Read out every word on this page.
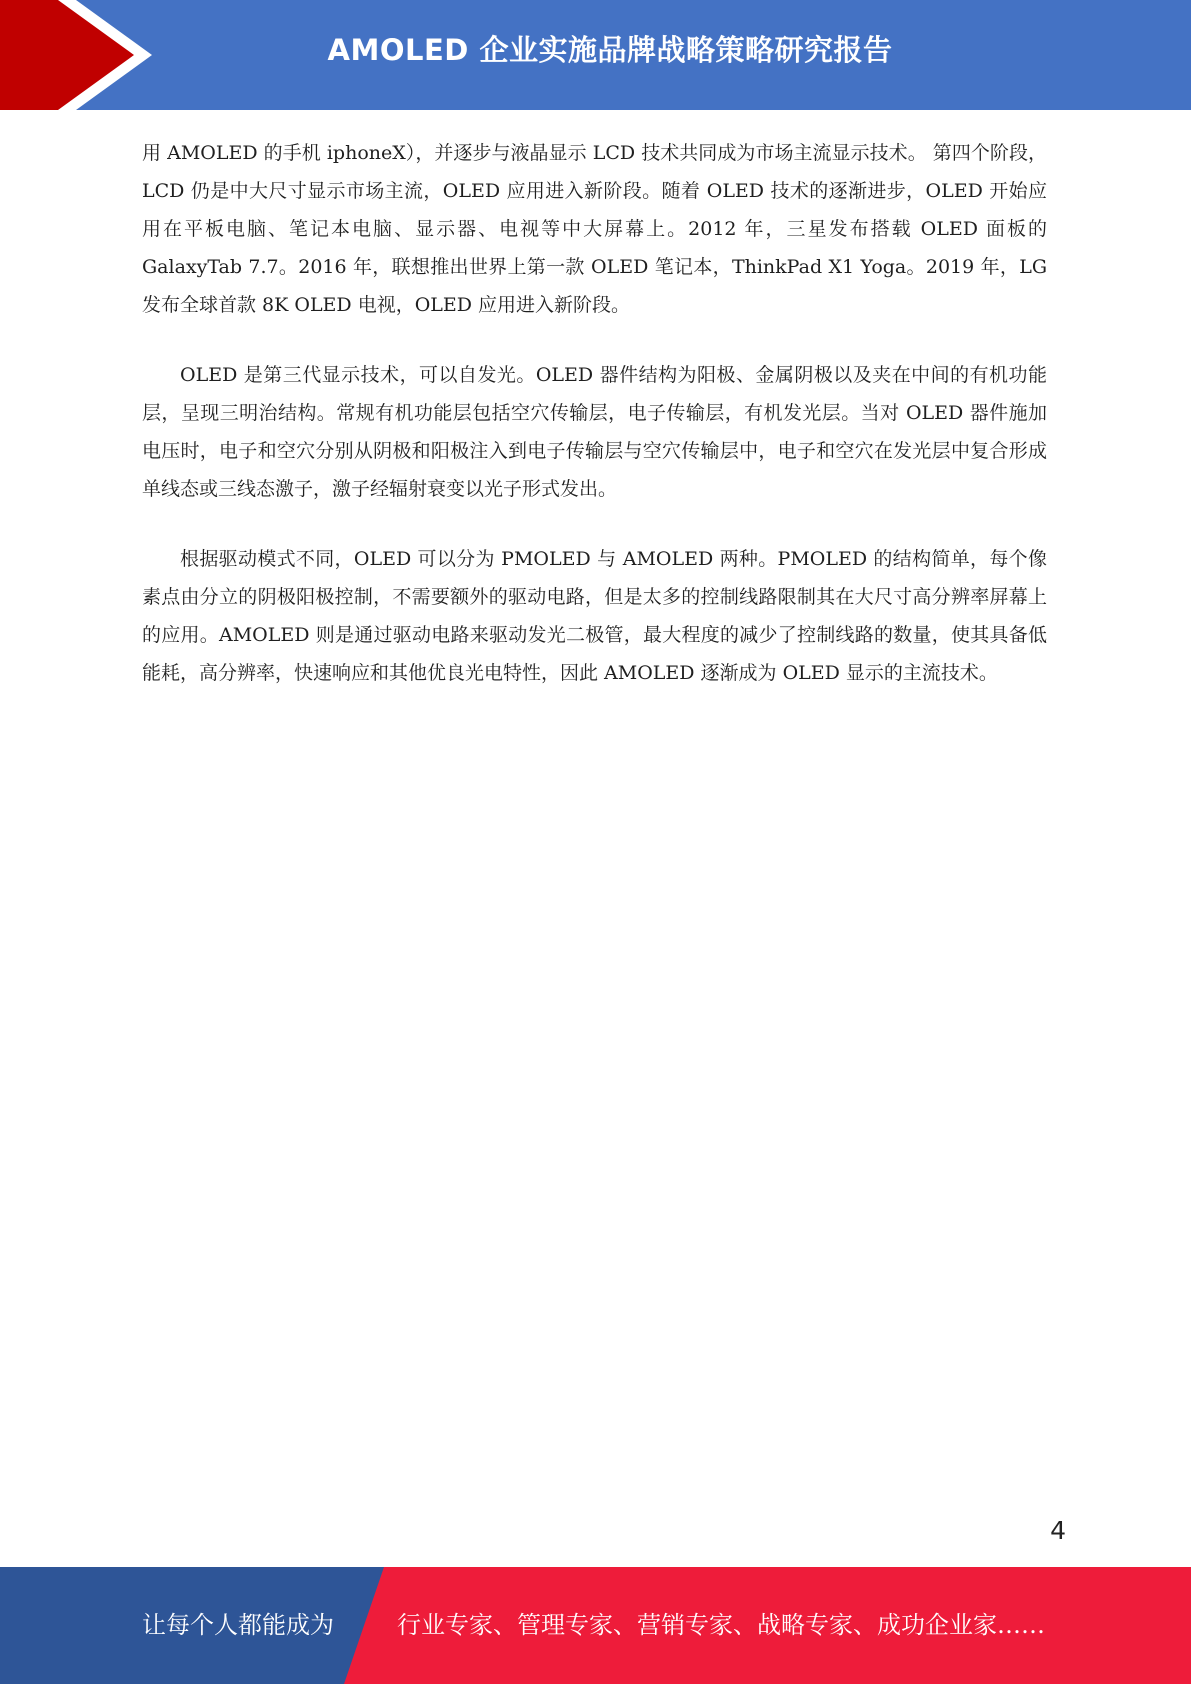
AMOLED 企业实施品牌战略策略研究报告

用 AMOLED 的手机 iphoneX），并逐步与液晶显示 LCD 技术共同成为市场主流显示技术。 第四个阶段，LCD 仍是中大尺寸显示市场主流，OLED 应用进入新阶段。随着 OLED 技术的逐渐进步，OLED 开始应用在平板电脑、笔记本电脑、显示器、电视等中大屏幕上。2012 年，三星发布搭载 OLED 面板的 GalaxyTab 7.7。2016 年，联想推出世界上第一款 OLED 笔记本，ThinkPad X1 Yoga。2019 年，LG 发布全球首款 8K OLED 电视，OLED 应用进入新阶段。

OLED 是第三代显示技术，可以自发光。OLED 器件结构为阳极、金属阴极以及夹在中间的有机功能层，呈现三明治结构。常规有机功能层包括空穴传输层，电子传输层，有机发光层。当对 OLED 器件施加电压时，电子和空穴分别从阴极和阳极注入到电子传输层与空穴传输层中，电子和空穴在发光层中复合形成单线态或三线态激子，激子经辐射衰变以光子形式发出。

根据驱动模式不同，OLED 可以分为 PMOLED 与 AMOLED 两种。PMOLED 的结构简单，每个像素点由分立的阴极阳极控制，不需要额外的驱动电路，但是太多的控制线路限制其在大尺寸高分辨率屏幕上的应用。AMOLED 则是通过驱动电路来驱动发光二极管，最大程度的减少了控制线路的数量，使其具备低能耗，高分辨率，快速响应和其他优良光电特性，因此 AMOLED 逐渐成为 OLED 显示的主流技术。

4
让每个人都能成为	行业专家、管理专家、营销专家、战略专家、成功企业家……
